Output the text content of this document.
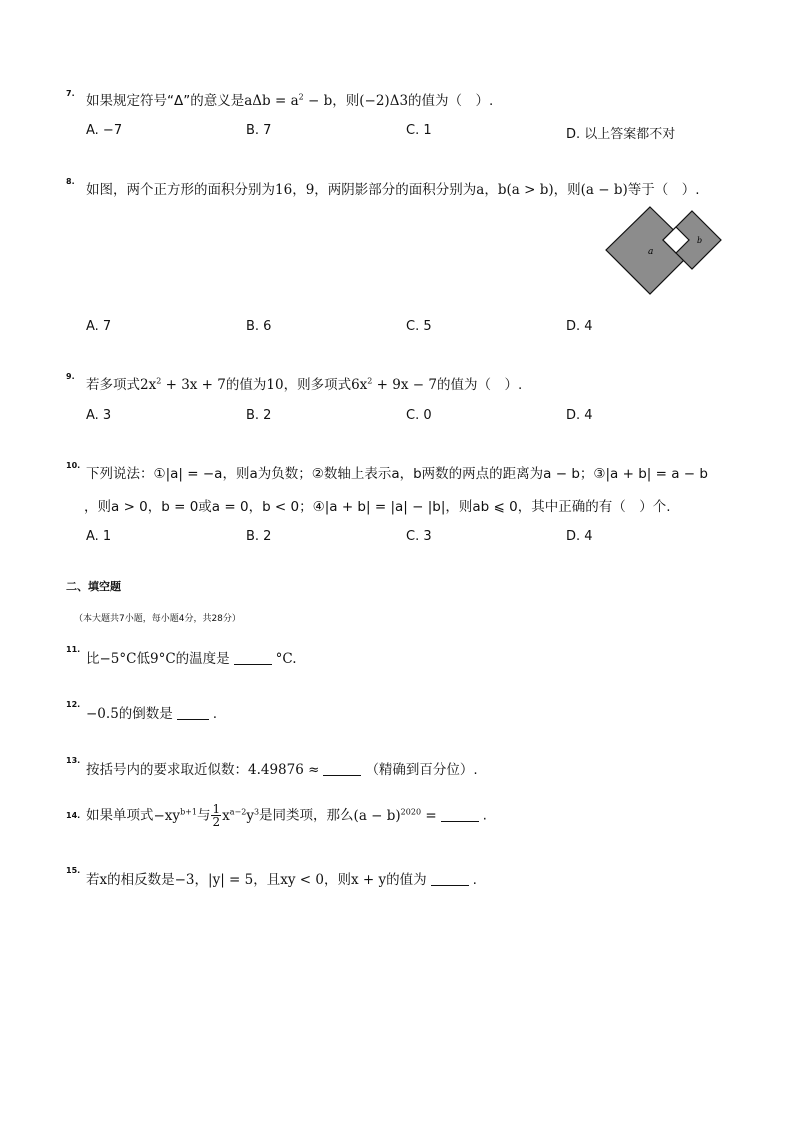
7. 如果规定符号“Δ”的意义是$a\Delta b = a^2 - b$，则(−2)Δ3的值为（　）.
A. −7	B. 7	C. 1	D. 以上答案都不对
8.
如图，两个正方形的面积分别为16，9，两阴影部分的面积分别为a，b(a > b)，则(a − b)等于（　）.
a
b
A. 7	B. 6	C. 5	D. 4
9.
若多项式$2x^2 + 3x + 7$的值为10，则多项式$6x^2 + 9x - 7$的值为（　）.
A. 3	B. 2	C. 0	D. 4
10.
下列说法：①|a| = −a，则a为负数；②数轴上表示a，b两数的两点的距离为a − b；③|a + b| = a − b
，则a > 0，b = 0或a = 0，b < 0；④|a + b| = |a| − |b|，则ab ⩽ 0，其中正确的有（　）个.
A. 1	B. 2	C. 3	D. 4
二、填空题
（本大题共7小题，每小题4分，共28分）
11.
比−5°C低9°C的温度是	°C.
12.
−0.5的倒数是	.
13.
按括号内的要求取近似数：4.49876 ≈	（精确到百分位）.
14. 如果单项式$-xy^{b+1}$与 $\frac{1}{2} x^{a-2}y^3$是同类项，那么$(a - b)^{2020}$ =	.
15.
若x的相反数是−3，|y| = 5，且xy < 0，则x + y的值为	.
